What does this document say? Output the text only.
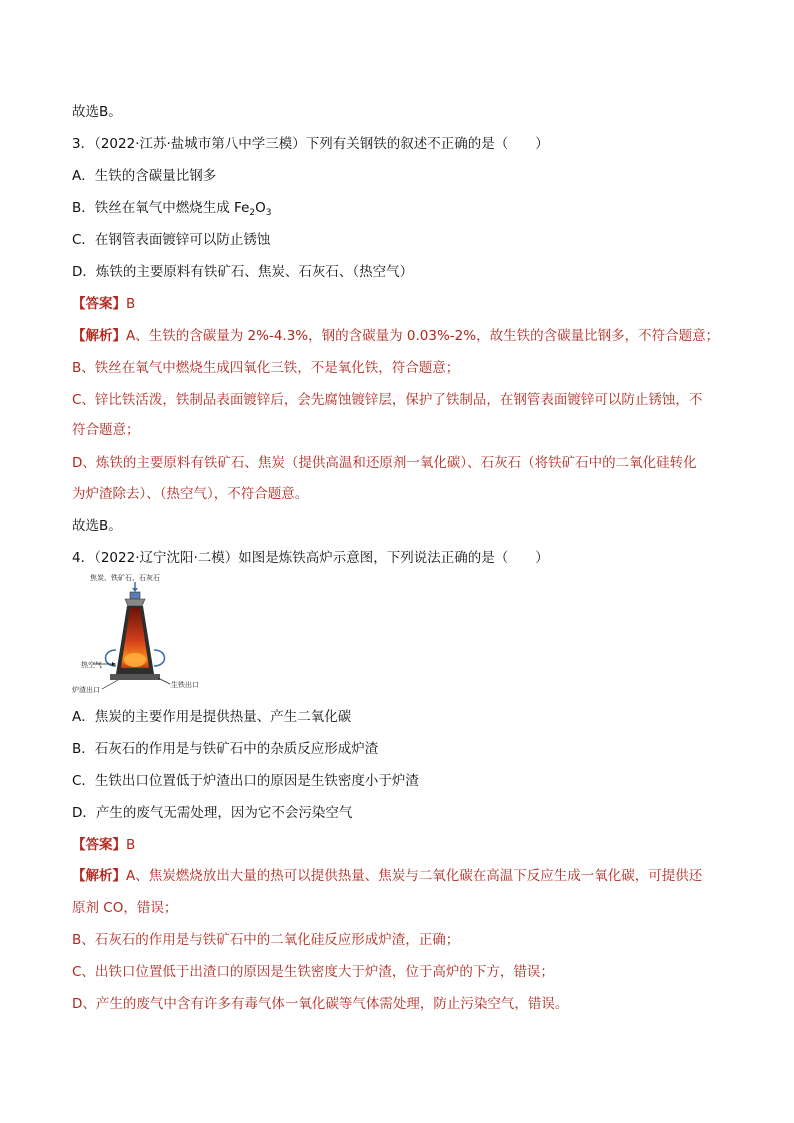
故选B。
3．（2022·江苏·盐城市第八中学三模）下列有关钢铁的叙述不正确的是（　　）
A．生铁的含碳量比钢多
B．铁丝在氧气中燃烧生成 $Fe_2O_3$
C．在钢管表面镀锌可以防止锈蚀
D．炼铁的主要原料有铁矿石、焦炭、石灰石、（热空气）
【答案】B
【解析】A、生铁的含碳量为 2%-4.3%，钢的含碳量为 0.03%-2%，故生铁的含碳量比钢多，不符合题意；
B、铁丝在氧气中燃烧生成四氧化三铁，不是氧化铁，符合题意；
C、锌比铁活泼，铁制品表面镀锌后，会先腐蚀镀锌层，保护了铁制品，在钢管表面镀锌可以防止锈蚀，不
符合题意；
D、炼铁的主要原料有铁矿石、焦炭（提供高温和还原剂一氧化碳）、石灰石（将铁矿石中的二氧化硅转化
为炉渣除去）、（热空气），不符合题意。
故选B。
4．（2022·辽宁沈阳·二模）如图是炼铁高炉示意图，下列说法正确的是（　　）
焦炭、铁矿石、石灰石
热空气
炉渣出口
生铁出口
A．焦炭的主要作用是提供热量、产生二氧化碳
B．石灰石的作用是与铁矿石中的杂质反应形成炉渣
C．生铁出口位置低于炉渣出口的原因是生铁密度小于炉渣
D．产生的废气无需处理，因为它不会污染空气
【答案】B
【解析】A、焦炭燃烧放出大量的热可以提供热量、焦炭与二氧化碳在高温下反应生成一氧化碳，可提供还
原剂 CO，错误；
B、石灰石的作用是与铁矿石中的二氧化硅反应形成炉渣，正确；
C、出铁口位置低于出渣口的原因是生铁密度大于炉渣，位于高炉的下方，错误；
D、产生的废气中含有许多有毒气体一氧化碳等气体需处理，防止污染空气，错误。
